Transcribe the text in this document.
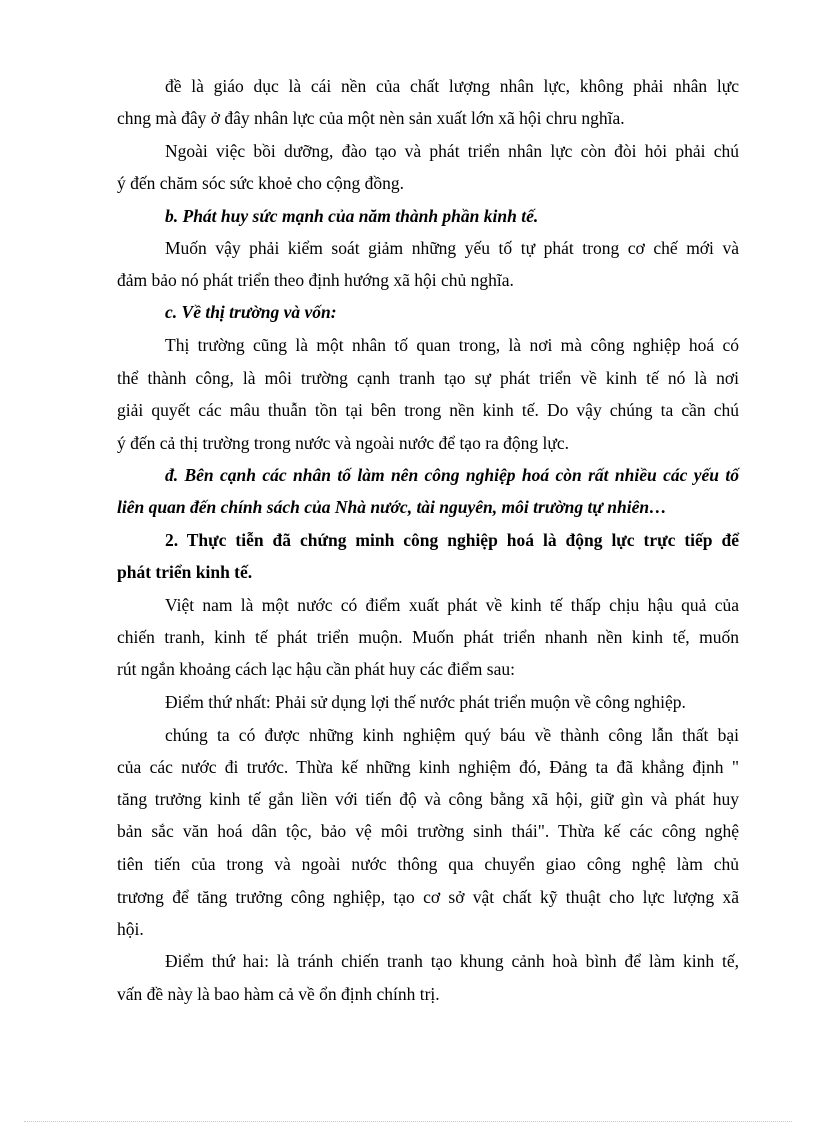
đề là giáo dục là cái nền của chất lượng nhân lực, không phải nhân lực
chng mà đây ở đây nhân lực của một nèn sản xuất lớn xã hội chru nghĩa.
Ngoài việc bồi dưỡng, đào tạo và phát triển nhân lực còn đòi hỏi phải chú
ý đến chăm sóc sức khoẻ cho cộng đồng.
b. Phát huy sức mạnh của năm thành phần kinh tế.
Muốn vậy phải kiểm soát giảm những yếu tố tự phát trong cơ chế mới và
đảm bảo nó phát triển theo định hướng xã hội chủ nghĩa.
c. Về thị trường và vốn:
Thị trường cũng là một nhân tố quan trong, là nơi mà công nghiệp hoá có
thể thành công, là môi trường cạnh tranh tạo sự phát triển về kinh tế nó là nơi
giải quyết các mâu thuẫn tồn tại bên trong nền kinh tế. Do vậy chúng ta cần chú
ý đến cả thị trường trong nước và ngoài nước để tạo ra động lực.
đ. Bên cạnh các nhân tố làm nên công nghiệp hoá còn rất nhiều các yếu tố
liên quan đến chính sách của Nhà nước, tài nguyên, môi trường tự nhiên…
2. Thực tiễn đã chứng minh công nghiệp hoá là động lực trực tiếp để
phát triển kinh tế.
Việt nam là một nước có điểm xuất phát về kinh tế thấp chịu hậu quả của
chiến tranh, kinh tế phát triển muộn. Muốn phát triển nhanh nền kinh tế, muốn
rút ngắn khoảng cách lạc hậu cần phát huy các điểm sau:
Điểm thứ nhất: Phải sử dụng lợi thế nước phát triển muộn về công nghiệp.
chúng ta có được những kinh nghiệm quý báu về thành công lẫn thất bại
của các nước đi trước. Thừa kế những kinh nghiệm đó, Đảng ta đã khẳng định "
tăng trưởng kinh tế gắn liền với tiến độ và công bằng xã hội, giữ gìn và phát huy
bản sắc văn hoá dân tộc, bảo vệ môi trường sinh thái". Thừa kế các công nghệ
tiên tiến của trong và ngoài nước thông qua chuyển giao công nghệ làm chủ
trương để tăng trưởng công nghiệp, tạo cơ sở vật chất kỹ thuật cho lực lượng xã
hội.
Điểm thứ hai: là tránh chiến tranh tạo khung cảnh hoà bình để làm kinh tế,
vấn đề này là bao hàm cả về ổn định chính trị.
